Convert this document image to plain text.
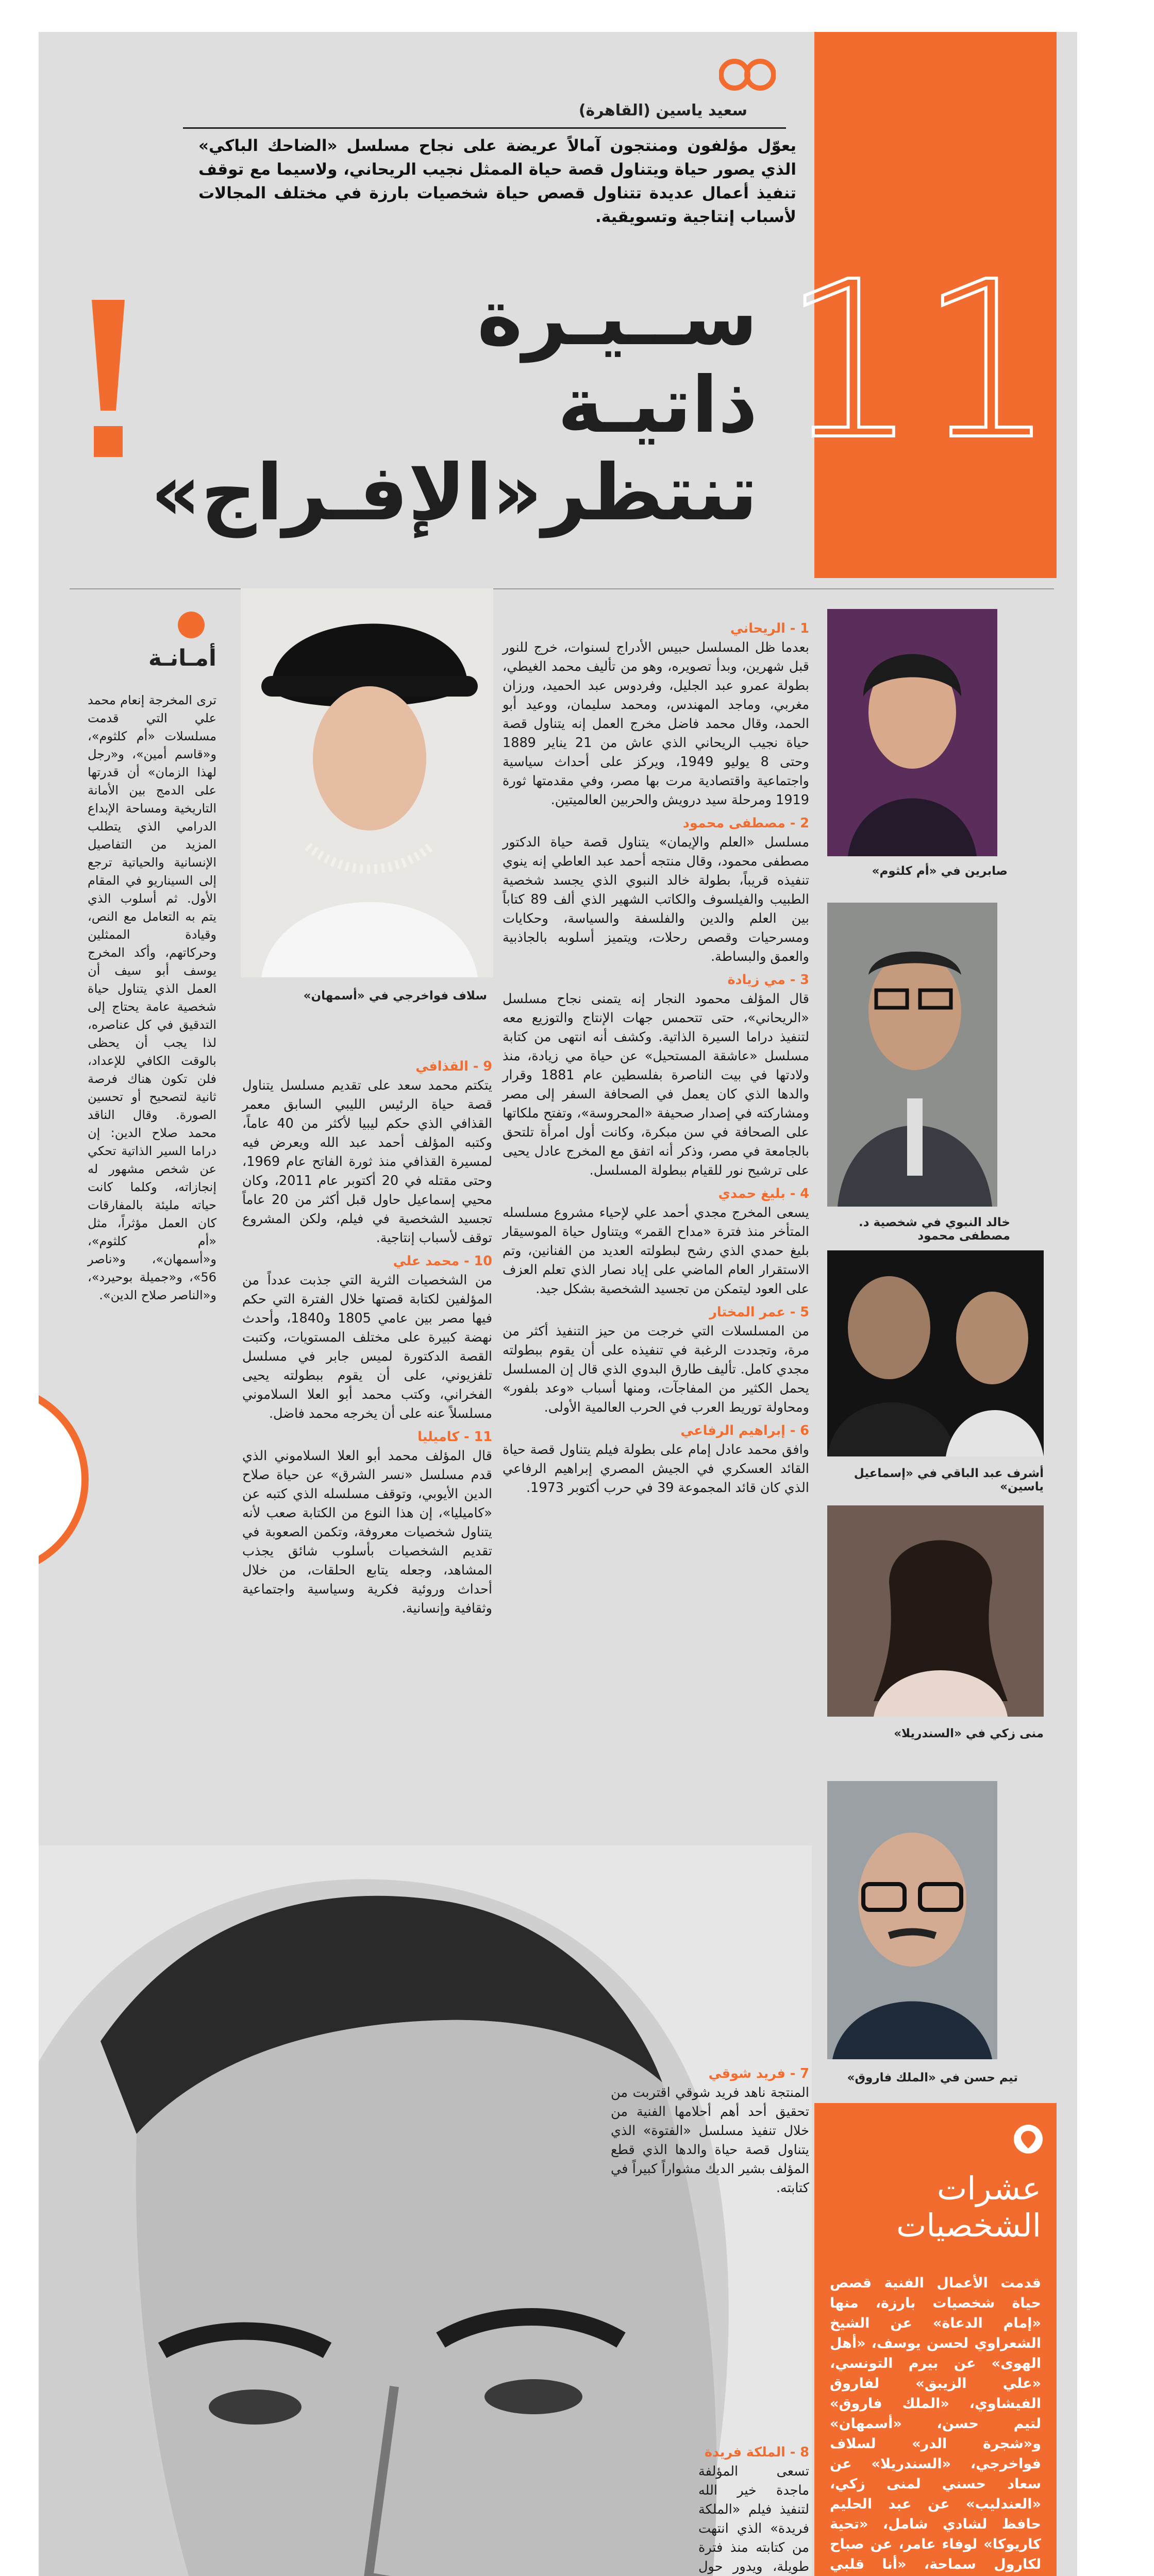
11
سعيد ياسين (القاهرة)
يعوّل مؤلفون ومنتجون آمالاً عريضة على نجاح مسلسل «الضاحك الباكي» الذي يصور حياة ويتناول قصة حياة الممثل نجيب الريحاني، ولاسيما مع توقف تنفيذ أعمال عديدة تتناول قصص حياة شخصيات بارزة في مختلف المجالات لأسباب إنتاجية وتسويقية.
ســيـرة ذاتيـة
تنتظر«الإفـراج»
صابرين في «أم كلثوم»
خالد النبوي في شخصية د. مصطفى محمود
أشرف عبد الباقي في «إسماعيل ياسين»
منى زكي في «السندريلا»
تيم حسن في «الملك فاروق»
سلاف فواخرجي في «أسمهان»
1 - الريحاني

بعدما ظل المسلسل حبيس الأدراج لسنوات، خرج للنور قبل شهرين، وبدأ تصويره، وهو من تأليف محمد الغيطي، بطولة عمرو عبد الجليل، وفردوس عبد الحميد، ورزان مغربي، وماجد المهندس، ومحمد سليمان، ووعيد أبو الحمد، وقال محمد فاضل مخرج العمل إنه يتناول قصة حياة نجيب الريحاني الذي عاش من 21 يناير 1889 وحتى 8 يوليو 1949، ويركز على أحداث سياسية واجتماعية واقتصادية مرت بها مصر، وفي مقدمتها ثورة 1919 ومرحلة سيد درويش والحربين العالميتين.

2 - مصطفى محمود

مسلسل «العلم والإيمان» يتناول قصة حياة الدكتور مصطفى محمود، وقال منتجه أحمد عبد العاطي إنه ينوي تنفيذه قريباً، بطولة خالد النبوي الذي يجسد شخصية الطبيب والفيلسوف والكاتب الشهير الذي ألف 89 كتاباً بين العلم والدين والفلسفة والسياسة، وحكايات ومسرحيات وقصص رحلات، ويتميز أسلوبه بالجاذبية والعمق والبساطة.

3 - مي زيادة

قال المؤلف محمود النجار إنه يتمنى نجاح مسلسل «الريحاني»، حتى تتحمس جهات الإنتاج والتوزيع معه لتنفيذ دراما السيرة الذاتية. وكشف أنه انتهى من كتابة مسلسل «عاشقة المستحيل» عن حياة مي زيادة، منذ ولادتها في بيت الناصرة بفلسطين عام 1881 وقرار والدها الذي كان يعمل في الصحافة السفر إلى مصر ومشاركته في إصدار صحيفة «المحروسة»، وتفتح ملكاتها على الصحافة في سن مبكرة، وكانت أول امرأة تلتحق بالجامعة في مصر، وذكر أنه اتفق مع المخرج عادل يحيى على ترشيح نور للقيام ببطولة المسلسل.

4 - بليغ حمدي

يسعى المخرج مجدي أحمد علي لإحياء مشروع مسلسله المتأخر منذ فترة «مداح القمر» ويتناول حياة الموسيقار بليغ حمدي الذي رشح لبطولته العديد من الفنانين، وتم الاستقرار العام الماضي على إياد نصار الذي تعلم العزف على العود ليتمكن من تجسيد الشخصية بشكل جيد.

5 - عمر المختار

من المسلسلات التي خرجت من حيز التنفيذ أكثر من مرة، وتجددت الرغبة في تنفيذه على أن يقوم ببطولته مجدي كامل. تأليف طارق البدوي الذي قال إن المسلسل يحمل الكثير من المفاجآت، ومنها أسباب «وعد بلفور» ومحاولة توريط العرب في الحرب العالمية الأولى.

6 - إبراهيم الرفاعي

وافق محمد عادل إمام على بطولة فيلم يتناول قصة حياة القائد العسكري في الجيش المصري إبراهيم الرفاعي الذي كان قائد المجموعة 39 في حرب أكتوبر 1973.

7 - فريد شوقي

المنتجة ناهد فريد شوقي اقتربت من تحقيق أحد أهم أحلامها الفنية من خلال تنفيذ مسلسل «الفتوة» الذي يتناول قصة حياة والدها الذي قطع المؤلف بشير الديك مشواراً كبيراً في كتابته.

8 - الملكة فريدة

تسعى المؤلفة ماجدة خير الله لتنفيذ فيلم «الملكة فريدة» الذي انتهت من كتابته منذ فترة طويلة، ويدور حول

9 - القذافي

يتكتم محمد سعد على تقديم مسلسل يتناول قصة حياة الرئيس الليبي السابق معمر القذافي الذي حكم ليبيا لأكثر من 40 عاماً، وكتبه المؤلف أحمد عبد الله ويعرض فيه لمسيرة القذافي منذ ثورة الفاتح عام 1969، وحتى مقتله في 20 أكتوبر عام 2011، وكان محيي إسماعيل حاول قبل أكثر من 20 عاماً تجسيد الشخصية في فيلم، ولكن المشروع توقف لأسباب إنتاجية.

10 - محمد علي

من الشخصيات الثرية التي جذبت عدداً من المؤلفين لكتابة قصتها خلال الفترة التي حكم فيها مصر بين عامي 1805 و1840، وأحدث نهضة كبيرة على مختلف المستويات، وكتبت القصة الدكتورة لميس جابر في مسلسل تلفزيوني، على أن يقوم ببطولته يحيى الفخراني، وكتب محمد أبو العلا السلاموني مسلسلاً عنه على أن يخرجه محمد فاضل.

11 - كاميليا

قال المؤلف محمد أبو العلا السلاموني الذي قدم مسلسل «نسر الشرق» عن حياة صلاح الدين الأيوبي، وتوقف مسلسله الذي كتبه عن «كاميليا»، إن هذا النوع من الكتابة صعب لأنه يتناول شخصيات معروفة، وتكمن الصعوبة في تقديم الشخصيات بأسلوب شائق يجذب المشاهد، وجعله يتابع الحلقات، من خلال أحداث وروئية فكرية وسياسية واجتماعية وثقافية وإنسانية.

أمـانـة
ترى المخرجة إنعام محمد علي التي قدمت مسلسلات «أم كلثوم»، و«قاسم أمين»، و«رجل لهذا الزمان» أن قدرتها على الدمج بين الأمانة التاريخية ومساحة الإبداع الدرامي الذي يتطلب المزيد من التفاصيل الإنسانية والحياتية ترجع إلى السيناريو في المقام الأول. ثم أسلوب الذي يتم به التعامل مع النص، وقيادة الممثلين وحركاتهم، وأكد المخرج يوسف أبو سيف أن العمل الذي يتناول حياة شخصية عامة يحتاج إلى التدقيق في كل عناصره، لذا يجب أن يحظى بالوقت الكافي للإعداد، فلن تكون هناك فرصة ثانية لتصحيح أو تحسين الصورة. وقال الناقد محمد صلاح الدين: إن دراما السير الذاتية تحكي عن شخص مشهور له إنجازاته، وكلما كانت حياته مليئة بالمفارقات كان العمل مؤثراً، مثل «أم كلثوم»، و«أسمهان»، و«ناصر 56»، و«جميلة بوحيرد»، و«الناصر صلاح الدين».
عشرات الشخصيات
قدمت الأعمال الفنية قصص حياة شخصيات بارزة، منها «إمام الدعاة» عن الشيخ الشعراوي لحسن يوسف، «أهل الهوى» عن بيرم التونسي، «علي الزيبق» لفاروق الفيشاوي، «الملك فاروق» لتيم حسن، «أسمهان» و«شجرة الدر» لسلاف فواخرجي، «السندريلا» عن سعاد حسني لمنى زكي، «العندليب» عن عبد الحليم حافظ لشادي شامل، «تحية كاريوكا» لوفاء عامر، عن صباح لكارول سماحة، «أنا قلبي
